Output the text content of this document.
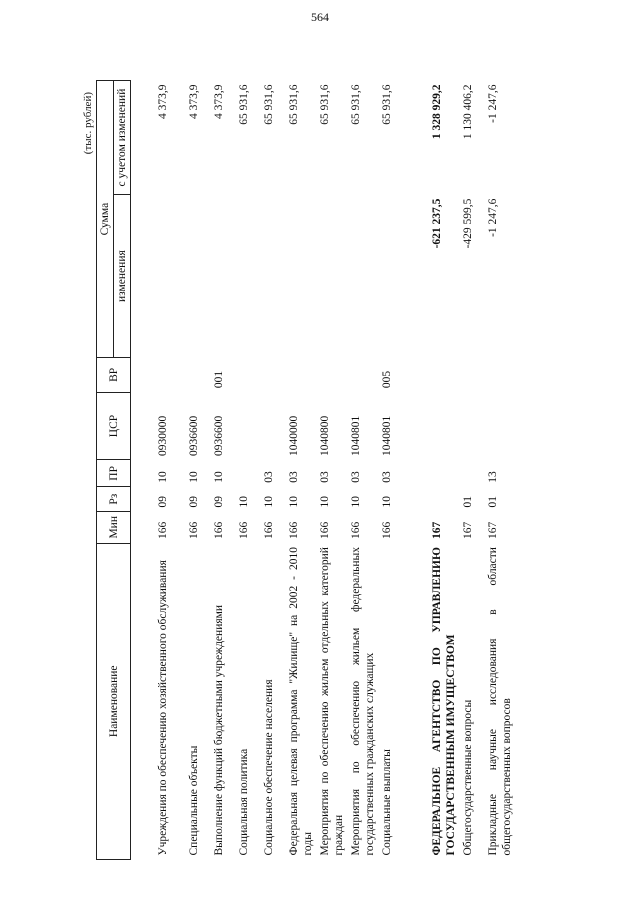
564
(тыс. рублей)
Наименование	Мин	Рз	ПР	ЦСР	ВР	Сумма	
						изменения	с учетом изменений

Учреждения по обеспечению хозяйственного обслуживания	166	09	10	0930000			4 373,9
Специальные объекты	166	09	10	0936600			4 373,9
Выполнение функций бюджетными учреждениями	166	09	10	0936600	001		4 373,9
Социальная политика	166	10					65 931,6
Социальное обеспечение населения	166	10	03				65 931,6
Федеральная целевая программа "Жилище" на 2002 - 2010 годы	166	10	03	1040000			65 931,6
Мероприятия по обеспечению жильем отдельных категорий граждан	166	10	03	1040800			65 931,6
Мероприятия по обеспечению жильем федеральных государственных гражданских служащих	166	10	03	1040801			65 931,6
Социальные выплаты	166	10	03	1040801	005		65 931,6

ФЕДЕРАЛЬНОЕ АГЕНТСТВО ПО УПРАВЛЕНИЮ ГОСУДАРСТВЕННЫМ ИМУЩЕСТВОМ	167					-621 237,5	1 328 929,2
Общегосударственные вопросы	167	01				-429 599,5	1 130 406,2
Прикладные научные исследования в области общегосударственных вопросов	167	01	13			-1 247,6	-1 247,6
